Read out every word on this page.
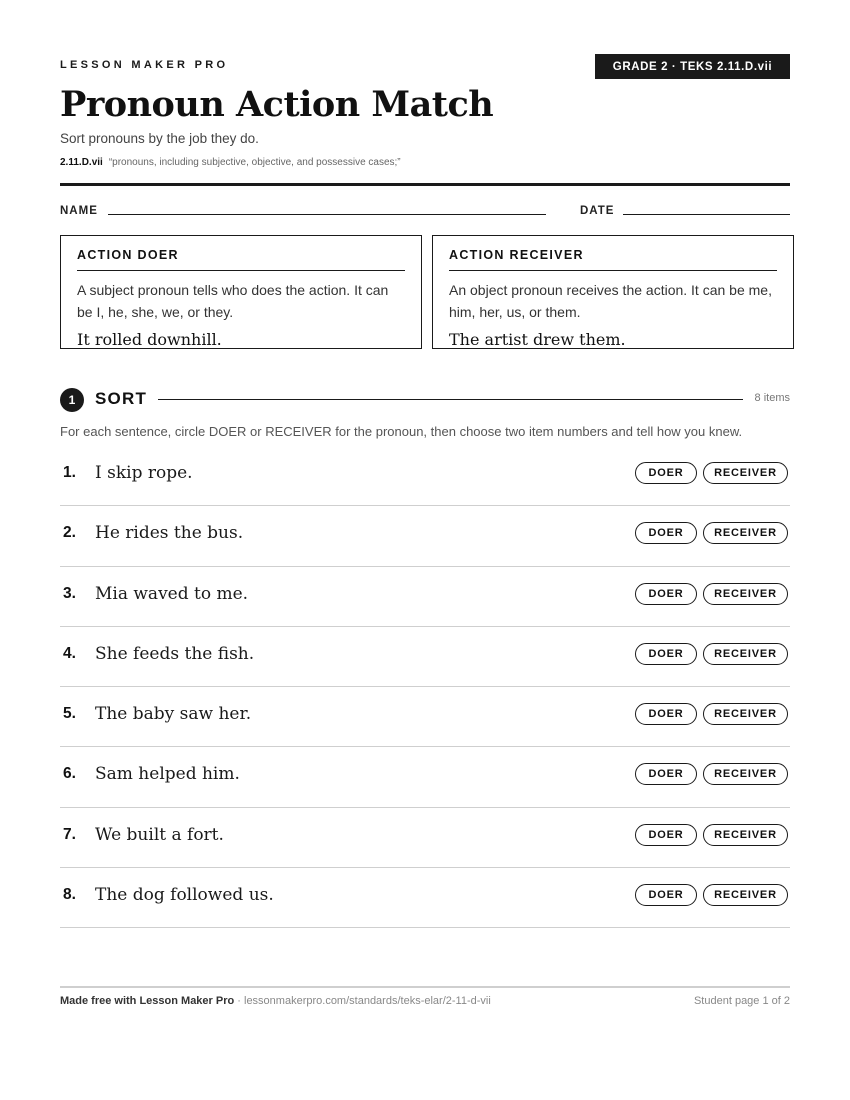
LESSON MAKER PRO	GRADE 2 · TEKS 2.11.D.vii
Pronoun Action Match
Sort pronouns by the job they do.
2.11.D.vii “pronouns, including subjective, objective, and possessive cases;”
NAME	DATE
ACTION DOER
A subject pronoun tells who does the action. It can be I, he, she, we, or they.
It rolled downhill.
ACTION RECEIVER
An object pronoun receives the action. It can be me, him, her, us, or them.
The artist drew them.
1	SORT	8 items
For each sentence, circle DOER or RECEIVER for the pronoun, then choose two item numbers and tell how you knew.
1. I skip rope.	DOER	RECEIVER
2. He rides the bus.	DOER	RECEIVER
3. Mia waved to me.	DOER	RECEIVER
4. She feeds the fish.	DOER	RECEIVER
5. The baby saw her.	DOER	RECEIVER
6. Sam helped him.	DOER	RECEIVER
7. We built a fort.	DOER	RECEIVER
8. The dog followed us.	DOER	RECEIVER
Made free with Lesson Maker Pro · lessonmakerpro.com/standards/teks-elar/2-11-d-vii	Student page 1 of 2
